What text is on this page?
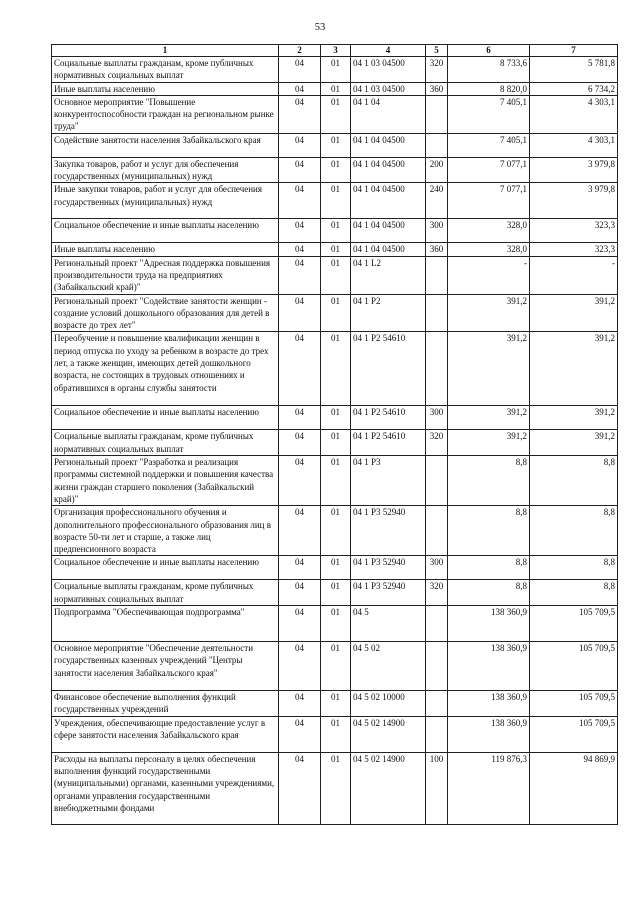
53
1	2	3	4	5	6	7
Социальные выплаты гражданам, кроме публичных нормативных социальных выплат	04	01	04 1 03 04500	320	8 733,6	5 781,8
Иные выплаты населению	04	01	04 1 03 04500	360	8 820,0	6 734,2
Основное мероприятие "Повышение конкурентоспособности граждан на региональном рынке труда"	04	01	04 1 04		7 405,1	4 303,1
Содействие занятости населения Забайкальского края	04	01	04 1 04 04500		7 405,1	4 303,1
Закупка товаров, работ и услуг для обеспечения государственных (муниципальных) нужд	04	01	04 1 04 04500	200	7 077,1	3 979,8
Иные закупки товаров, работ и услуг для обеспечения государственных (муниципальных) нужд	04	01	04 1 04 04500	240	7 077,1	3 979,8
Социальное обеспечение и иные выплаты населению	04	01	04 1 04 04500	300	328,0	323,3
Иные выплаты населению	04	01	04 1 04 04500	360	328,0	323,3
Региональный проект "Адресная поддержка повышения производительности труда на предприятиях (Забайкальский край)"	04	01	04 1 L2		-	-
Региональный проект "Содействие занятости женщин - создание условий дошкольного образования для детей в возрасте до трех лет"	04	01	04 1 P2		391,2	391,2
Переобучение и повышение квалификации женщин в период отпуска по уходу за ребенком в возрасте до трех лет, а также женщин, имеющих детей дошкольного возраста, не состоящих в трудовых отношениях и обратившихся в органы службы занятости	04	01	04 1 P2 54610		391,2	391,2
Социальное обеспечение и иные выплаты населению	04	01	04 1 P2 54610	300	391,2	391,2
Социальные выплаты гражданам, кроме публичных нормативных социальных выплат	04	01	04 1 P2 54610	320	391,2	391,2
Региональный проект "Разработка и реализация программы системной поддержки и повышения качества жизни граждан старшего поколения (Забайкальский край)"	04	01	04 1 P3		8,8	8,8
Организация профессионального обучения и дополнительного профессионального образования лиц в возрасте 50-ти лет и старше, а также лиц предпенсионного возраста	04	01	04 1 P3 52940		8,8	8,8
Социальное обеспечение и иные выплаты населению	04	01	04 1 P3 52940	300	8,8	8,8
Социальные выплаты гражданам, кроме публичных нормативных социальных выплат	04	01	04 1 P3 52940	320	8,8	8,8
Подпрограмма "Обеспечивающая подпрограмма"	04	01	04 5		138 360,9	105 709,5
Основное мероприятие "Обеспечение деятельности государственных казенных учреждений "Центры занятости населения Забайкальского края"	04	01	04 5 02		138 360,9	105 709,5
Финансовое обеспечение выполнения функций государственных учреждений	04	01	04 5 02 10000		138 360,9	105 709,5
Учреждения, обеспечивающие предоставление услуг в сфере занятости населения Забайкальского края	04	01	04 5 02 14900		138 360,9	105 709,5
Расходы на выплаты персоналу в целях обеспечения выполнения функций государственными (муниципальными) органами, казенными учреждениями, органами управления государственными внебюджетными фондами	04	01	04 5 02 14900	100	119 876,3	94 869,9
